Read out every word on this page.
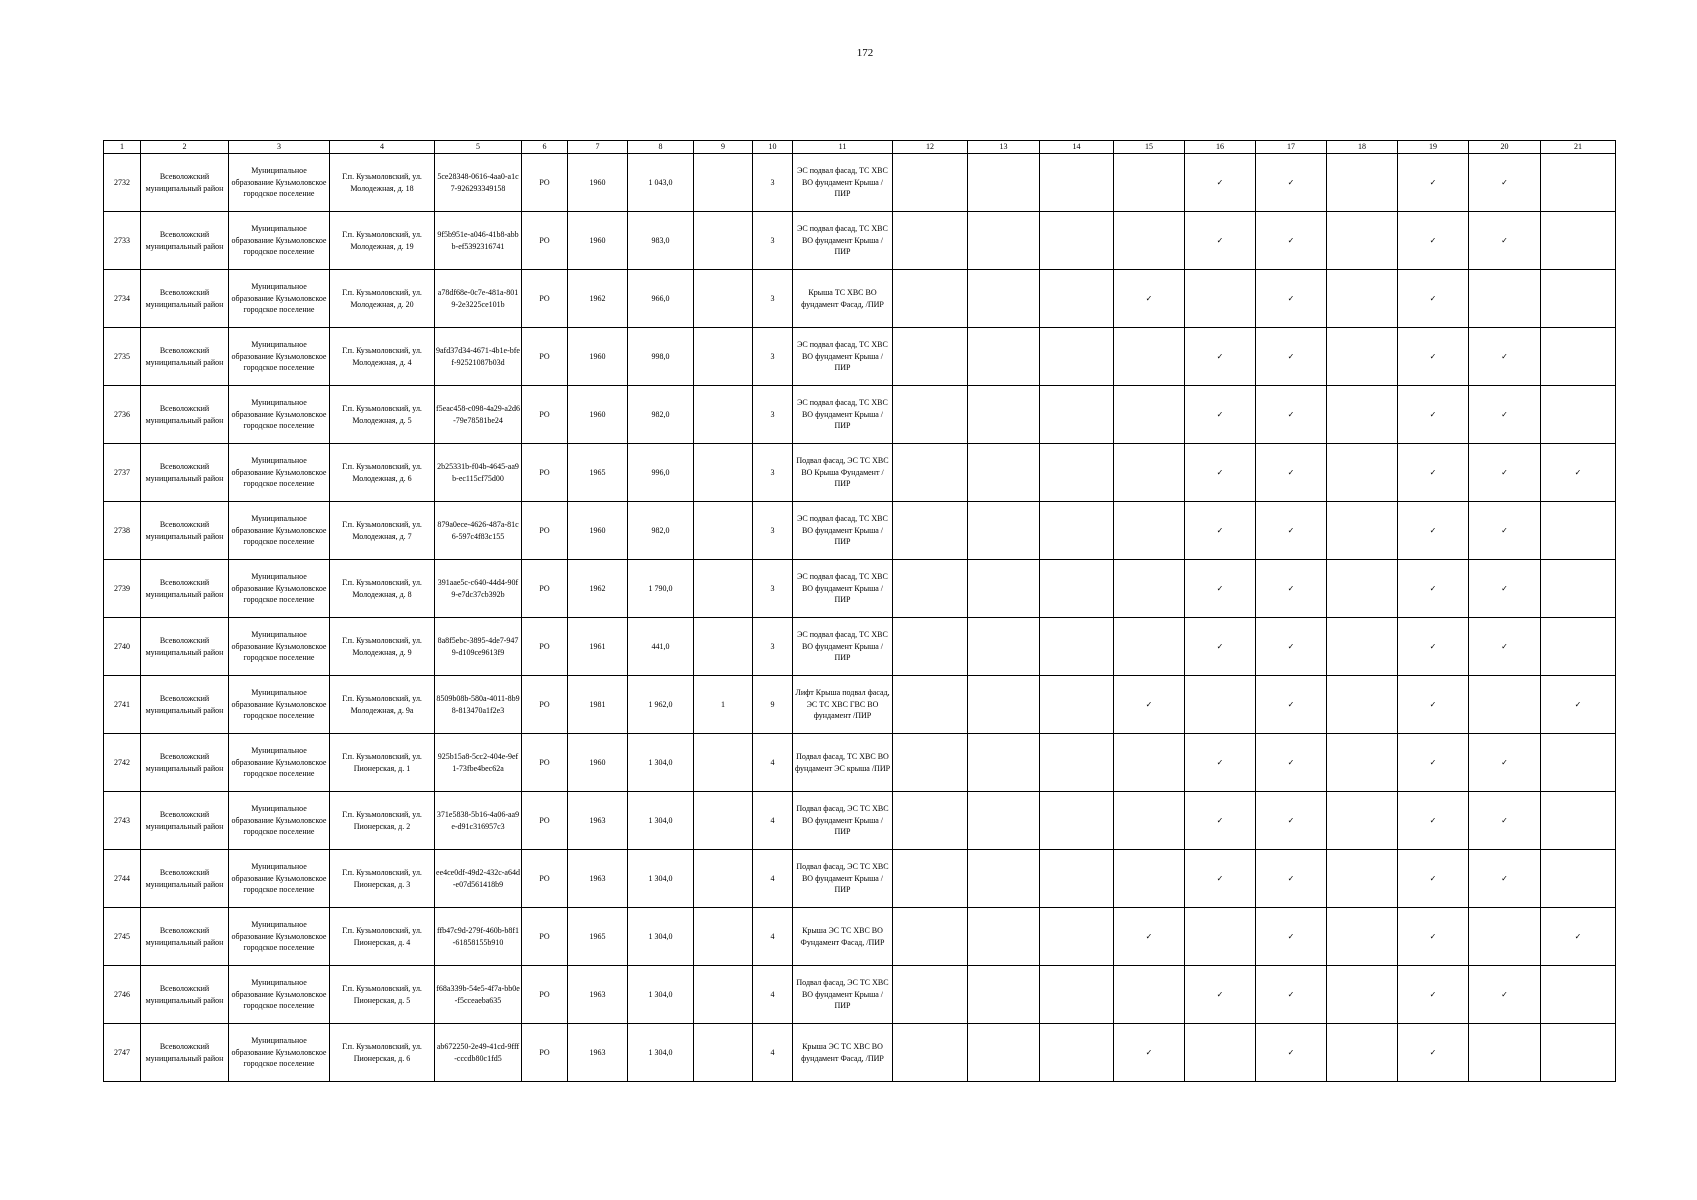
172
1	2	3	4	5	6	7	8	9	10	11	12	13	14	15	16	17	18	19	20	21
2732	Всеволожский муниципальный район	Муниципальное образование Кузьмоловское городское поселение	Г.п. Кузьмоловский, ул. Молодежная, д. 18	5ce28348-0616-4aa0-a1c7-926293349158	РО	1960	1 043,0		3	ЭС подвал фасад, ТС ХВС ВО фундамент Крыша /ПИР					✓	✓		✓	✓	
2733	Всеволожский муниципальный район	Муниципальное образование Кузьмоловское городское поселение	Г.п. Кузьмоловский, ул. Молодежная, д. 19	9f5b951e-a046-41b8-abbb-ef5392316741	РО	1960	983,0		3	ЭС подвал фасад, ТС ХВС ВО фундамент Крыша /ПИР					✓	✓		✓	✓	
2734	Всеволожский муниципальный район	Муниципальное образование Кузьмоловское городское поселение	Г.п. Кузьмоловский, ул. Молодежная, д. 20	a78df68e-0c7e-481a-8019-2e3225ce101b	РО	1962	966,0		3	Крыша ТС ХВС ВО фундамент Фасад, /ПИР				✓		✓		✓		
2735	Всеволожский муниципальный район	Муниципальное образование Кузьмоловское городское поселение	Г.п. Кузьмоловский, ул. Молодежная, д. 4	9afd37d34-4671-4b1e-bfef-92521087b03d	РО	1960	998,0		3	ЭС подвал фасад, ТС ХВС ВО фундамент Крыша /ПИР					✓	✓		✓	✓	
2736	Всеволожский муниципальный район	Муниципальное образование Кузьмоловское городское поселение	Г.п. Кузьмоловский, ул. Молодежная, д. 5	f5eac458-c098-4a29-a2d6-79e78581be24	РО	1960	982,0		3	ЭС подвал фасад, ТС ХВС ВО фундамент Крыша /ПИР					✓	✓		✓	✓	
2737	Всеволожский муниципальный район	Муниципальное образование Кузьмоловское городское поселение	Г.п. Кузьмоловский, ул. Молодежная, д. 6	2b25331b-f04b-4645-aa9b-ec115cf75d00	РО	1965	996,0		3	Подвал фасад, ЭС ТС ХВС ВО Крыша Фундамент /ПИР					✓	✓		✓	✓	✓
2738	Всеволожский муниципальный район	Муниципальное образование Кузьмоловское городское поселение	Г.п. Кузьмоловский, ул. Молодежная, д. 7	879a0ece-4626-487a-81c6-597c4f83c155	РО	1960	982,0		3	ЭС подвал фасад, ТС ХВС ВО фундамент Крыша /ПИР					✓	✓		✓	✓	
2739	Всеволожский муниципальный район	Муниципальное образование Кузьмоловское городское поселение	Г.п. Кузьмоловский, ул. Молодежная, д. 8	391aae5c-c640-44d4-90f9-e7dc37cb392b	РО	1962	1 790,0		3	ЭС подвал фасад, ТС ХВС ВО фундамент Крыша /ПИР					✓	✓		✓	✓	
2740	Всеволожский муниципальный район	Муниципальное образование Кузьмоловское городское поселение	Г.п. Кузьмоловский, ул. Молодежная, д. 9	8a8f5ebc-3895-4de7-9479-d109ce9613f9	РО	1961	441,0		3	ЭС подвал фасад, ТС ХВС ВО фундамент Крыша /ПИР					✓	✓		✓	✓	
2741	Всеволожский муниципальный район	Муниципальное образование Кузьмоловское городское поселение	Г.п. Кузьмоловский, ул. Молодежная, д. 9а	8509b08b-580a-4011-8b98-813470a1f2e3	РО	1981	1 962,0	1	9	Лифт Крыша подвал фасад, ЭС ТС ХВС ГВС ВО фундамент /ПИР				✓		✓		✓		✓
2742	Всеволожский муниципальный район	Муниципальное образование Кузьмоловское городское поселение	Г.п. Кузьмоловский, ул. Пионерская, д. 1	925b15a8-5cc2-404e-9ef1-73fbe4bec62a	РО	1960	1 304,0		4	Подвал фасад, ТС ХВС ВО фундамент ЭС крыша /ПИР					✓	✓		✓	✓	
2743	Всеволожский муниципальный район	Муниципальное образование Кузьмоловское городское поселение	Г.п. Кузьмоловский, ул. Пионерская, д. 2	371e5838-5b16-4a06-aa9e-d91c316957c3	РО	1963	1 304,0		4	Подвал фасад, ЭС ТС ХВС ВО фундамент Крыша /ПИР					✓	✓		✓	✓	
2744	Всеволожский муниципальный район	Муниципальное образование Кузьмоловское городское поселение	Г.п. Кузьмоловский, ул. Пионерская, д. 3	ee4ce0df-49d2-432c-a64d-e07d561418b9	РО	1963	1 304,0		4	Подвал фасад, ЭС ТС ХВС ВО фундамент Крыша /ПИР					✓	✓		✓	✓	
2745	Всеволожский муниципальный район	Муниципальное образование Кузьмоловское городское поселение	Г.п. Кузьмоловский, ул. Пионерская, д. 4	ffb47c9d-279f-460b-b8f1-61858155b910	РО	1965	1 304,0		4	Крыша ЭС ТС ХВС ВО Фундамент Фасад, /ПИР				✓		✓		✓		✓
2746	Всеволожский муниципальный район	Муниципальное образование Кузьмоловское городское поселение	Г.п. Кузьмоловский, ул. Пионерская, д. 5	f68a339b-54e5-4f7a-bb0e-f5cceaeba635	РО	1963	1 304,0		4	Подвал фасад, ЭС ТС ХВС ВО фундамент Крыша /ПИР					✓	✓		✓	✓	
2747	Всеволожский муниципальный район	Муниципальное образование Кузьмоловское городское поселение	Г.п. Кузьмоловский, ул. Пионерская, д. 6	ab672250-2e49-41cd-9fff-cccdb80c1fd5	РО	1963	1 304,0		4	Крыша ЭС ТС ХВС ВО фундамент Фасад, /ПИР				✓		✓		✓		
